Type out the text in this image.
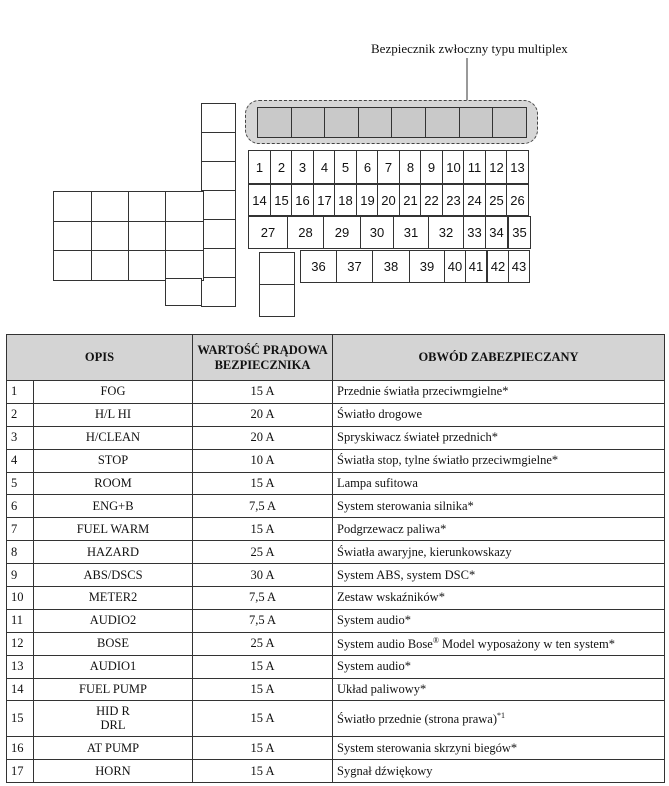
Bezpiecznik zwłoczny typu multiplex
1	2	3	4	5	6	7	8	9 10 11 12 13
14 15 16 17 18 19 20 21 22 23 24 25 26
27	28	29	30	31	32	33 34 35
36	37	38	39	40 41 42 43
OPIS		WARTOŚĆ PRĄDOWA
BEZPIECZNIKA	OBWÓD ZABEZPIECZANY
1	FOG	15 A	Przednie światła przeciwmgielne*
2	H/L HI	20 A	Światło drogowe
3	H/CLEAN	20 A	Spryskiwacz świateł przednich*
4	STOP	10 A	Światła stop, tylne światło przeciwmgielne*
5	ROOM	15 A	Lampa sufitowa
6	ENG+B	7,5 A	System sterowania silnika*
7	FUEL WARM	15 A	Podgrzewacz paliwa*
8	HAZARD	25 A	Światła awaryjne, kierunkowskazy
9	ABS/DSCS	30 A	System ABS, system DSC*
10	METER2	7,5 A	Zestaw wskaźników*
11	AUDIO2	7,5 A	System audio*
12	BOSE	25 A	System audio Bose® Model wyposażony w ten system*
13	AUDIO1	15 A	System audio*
14	FUEL PUMP	15 A	Układ paliwowy*
15	HID R
DRL	15 A	Światło przednie (strona prawa)$^{*1}$
16	AT PUMP	15 A	System sterowania skrzyni biegów*
17	HORN	15 A	Sygnał dźwiękowy
